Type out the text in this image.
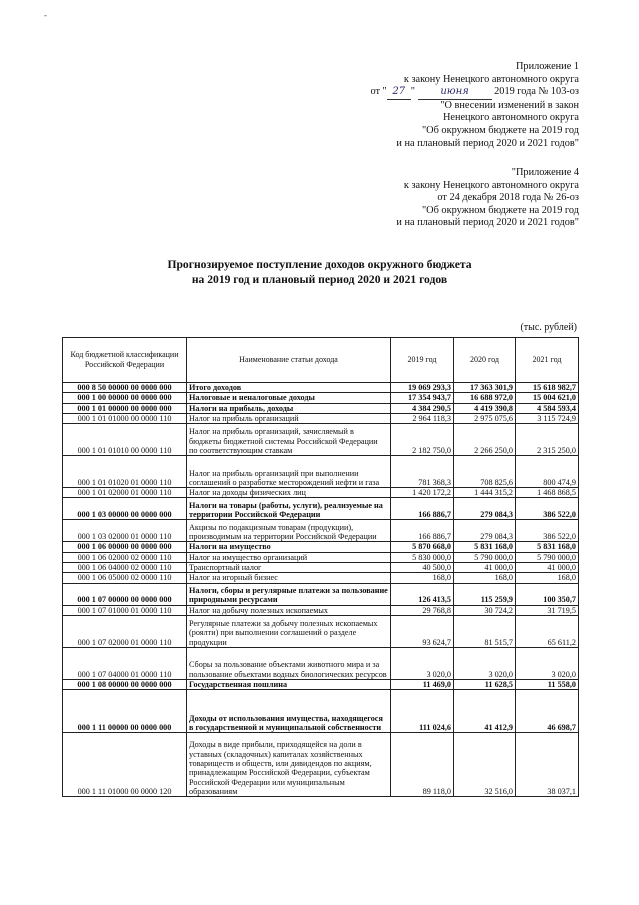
-
Приложение 1
к закону Ненецкого автономного округа
от " 27 "	июня 2019 года № 103-оз
"О внесении изменений в закон
Ненецкого автономного округа
"Об окружном бюджете на 2019 год
и на плановый период 2020 и 2021 годов"
"Приложение 4
к закону Ненецкого автономного округа
от 24 декабря 2018 года № 26-оз
"Об окружном бюджете на 2019 год
и на плановый период 2020 и 2021 годов"
Прогнозируемое поступление доходов окружного бюджета
на 2019 год и плановый период 2020 и 2021 годов
(тыс. рублей)
Код бюджетной классификации Российской Федерации	Наименование статьи дохода	2019 год	2020 год	2021 год
000 8 50 00000 00 0000 000	Итого доходов	19 069 293,3	17 363 301,9	15 618 982,7
000 1 00 00000 00 0000 000	Налоговые и неналоговые доходы	17 354 943,7	16 688 972,0	15 004 621,0
000 1 01 00000 00 0000 000	Налоги на прибыль, доходы	4 384 290,5	4 419 390,8	4 584 593,4
000 1 01 01000 00 0000 110	Налог на прибыль организаций	2 964 118,3	2 975 075,6	3 115 724,9
000 1 01 01010 00 0000 110	Налог на прибыль организаций, зачисляемый в бюджеты бюджетной системы Российской Федерации по соответствующим ставкам	2 182 750,0	2 266 250,0	2 315 250,0
000 1 01 01020 01 0000 110	Налог на прибыль организаций при выполнении соглашений о разработке месторождений нефти и газа	781 368,3	708 825,6	800 474,9
000 1 01 02000 01 0000 110	Налог на доходы физических лиц	1 420 172,2	1 444 315,2	1 468 868,5
000 1 03 00000 00 0000 000	Налоги на товары (работы, услуги), реализуемые на территории Российской Федерации	166 886,7	279 084,3	386 522,0
000 1 03 02000 01 0000 110	Акцизы по подакцизным товарам (продукции), производимым на территории Российской Федерации	166 886,7	279 084,3	386 522,0
000 1 06 00000 00 0000 000	Налоги на имущество	5 870 668,0	5 831 168,0	5 831 168,0
000 1 06 02000 02 0000 110	Налог на имущество организаций	5 830 000,0	5 790 000,0	5 790 000,0
000 1 06 04000 02 0000 110	Транспортный налог	40 500,0	41 000,0	41 000,0
000 1 06 05000 02 0000 110	Налог на игорный бизнес	168,0	168,0	168,0
000 1 07 00000 00 0000 000	Налоги, сборы и регулярные платежи за пользование природными ресурсами	126 413,5	115 259,9	100 350,7
000 1 07 01000 01 0000 110	Налог на добычу полезных ископаемых	29 768,8	30 724,2	31 719,5
000 1 07 02000 01 0000 110	Регулярные платежи за добычу полезных ископаемых (роялти) при выполнении соглашений о разделе продукции	93 624,7	81 515,7	65 611,2
000 1 07 04000 01 0000 110	Сборы за пользование объектами животного мира и за пользование объектами водных биологических ресурсов	3 020,0	3 020,0	3 020,0
000 1 08 00000 00 0000 000	Государственная пошлина	11 469,0	11 628,5	11 558,0
000 1 11 00000 00 0000 000	Доходы от использования имущества, находящегося в государственной и муниципальной собственности	111 024,6	41 412,9	46 698,7
000 1 11 01000 00 0000 120	Доходы в виде прибыли, приходящейся на доли в уставных (складочных) капиталах хозяйственных товариществ и обществ, или дивидендов по акциям, принадлежащим Российской Федерации, субъектам Российской Федерации или муниципальным образованиям	89 118,0	32 516,0	38 037,1
